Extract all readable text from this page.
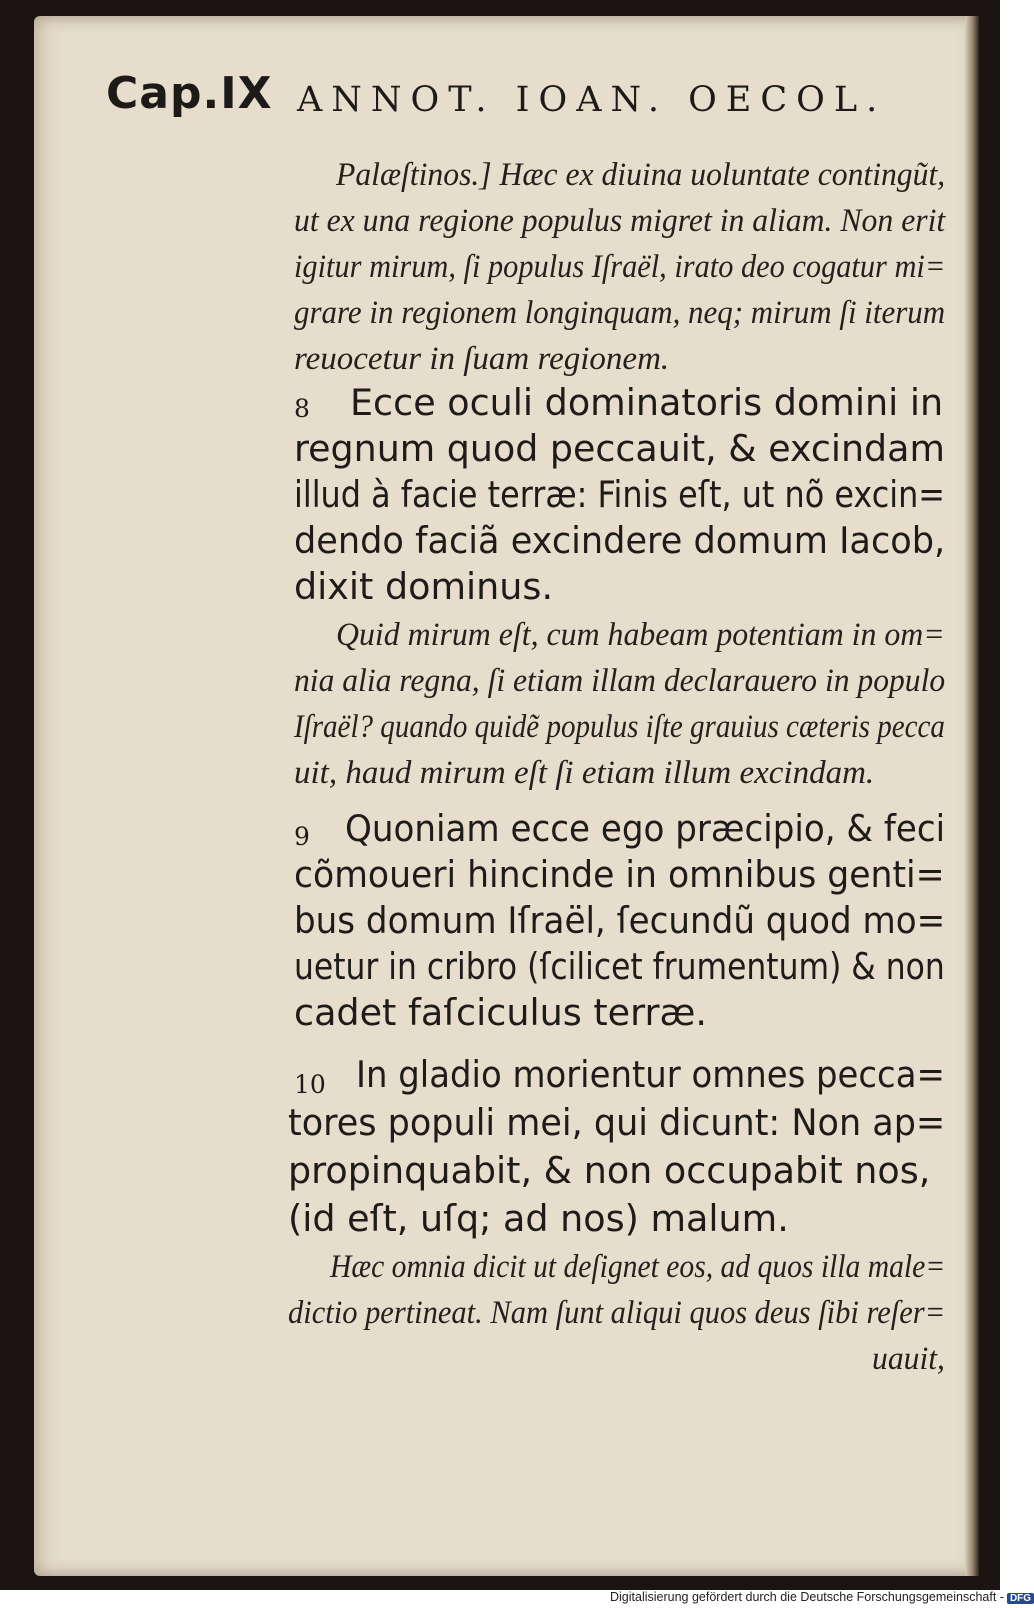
Cap.IX ANNOT. IOAN. OECOL.
Palæſtinos.] Hæc ex diuina uoluntate contingũt,
ut ex una regione populus migret in aliam. Non erit
igitur mirum, ſi populus Iſraël, irato deo cogatur mi=
grare in regionem longinquam, neq; mirum ſi iterum
reuocetur in ſuam regionem.
8 Ecce oculi dominatoris domini in
regnum quod peccauit, & excindam
illud à facie terræ: Finis eſt, ut nõ excin=
dendo faciã excindere domum Iacob,
dixit dominus.
Quid mirum eſt, cum habeam potentiam in om=
nia alia regna, ſi etiam illam declarauero in populo
Iſraël? quando quidẽ populus iſte grauius cæteris pecca
uit, haud mirum eſt ſi etiam illum excindam.
9 Quoniam ecce ego præcipio, & feci
cõmoueri hincinde in omnibus genti=
bus domum Iſraël, ſecundũ quod mo=
uetur in cribro (ſcilicet frumentum) & non
cadet faſciculus terræ.
10 In gladio morientur omnes pecca=
tores populi mei, qui dicunt: Non ap=
propinquabit, & non occupabit nos,
(id eſt, uſq; ad nos) malum.
Hæc omnia dicit ut deſignet eos, ad quos illa male=
dictio pertineat. Nam ſunt aliqui quos deus ſibi reſer=
uauit,
Digitalisierung gefördert durch die Deutsche Forschungsgemeinschaft - DFG
